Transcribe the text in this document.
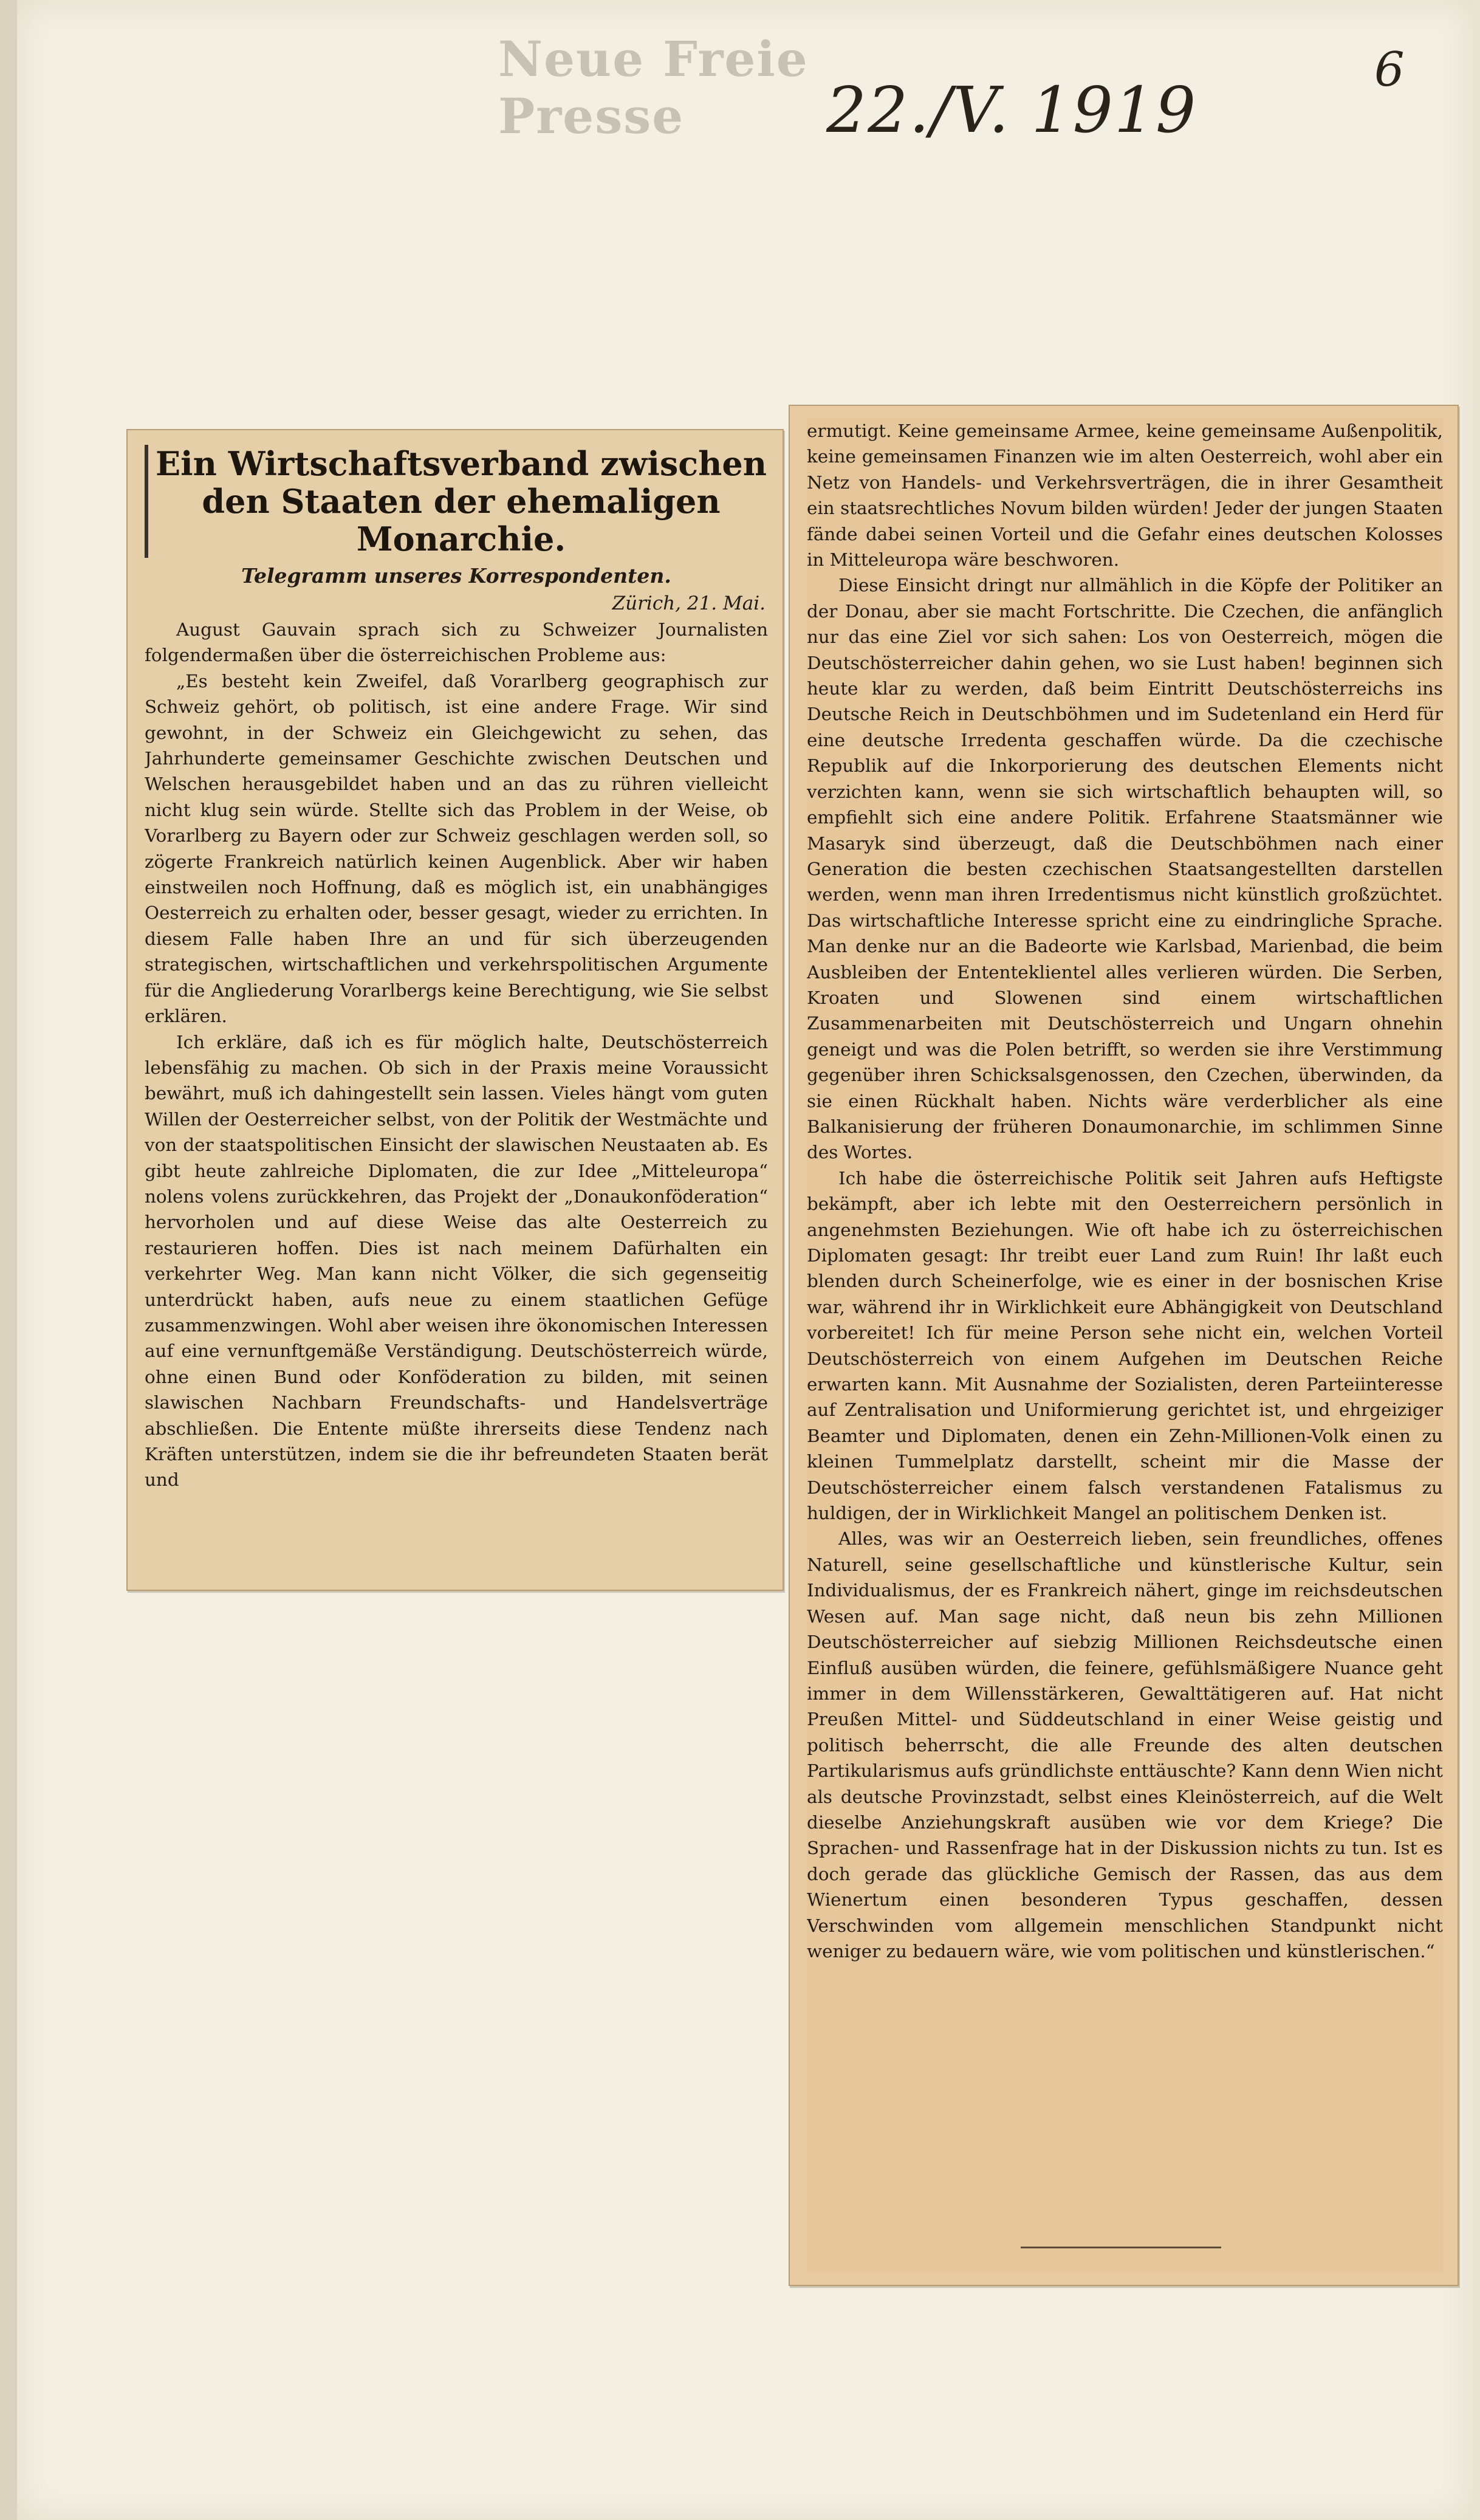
Neue Freie Presse	22./V. 1919
6
Ein Wirtschaftsverband zwischen den Staaten der ehemaligen Monarchie.
Telegramm unseres Korrespondenten.
Zürich, 21. Mai.

August Gauvain sprach sich zu Schweizer Journalisten folgendermaßen über die österreichischen Probleme aus:

„Es besteht kein Zweifel, daß Vorarlberg geographisch zur Schweiz gehört, ob politisch, ist eine andere Frage. Wir sind gewohnt, in der Schweiz ein Gleichgewicht zu sehen, das Jahrhunderte gemeinsamer Geschichte zwischen Deutschen und Welschen herausgebildet haben und an das zu rühren vielleicht nicht klug sein würde. Stellte sich das Problem in der Weise, ob Vorarlberg zu Bayern oder zur Schweiz geschlagen werden soll, so zögerte Frankreich natürlich keinen Augenblick. Aber wir haben einstweilen noch Hoffnung, daß es möglich ist, ein unabhängiges Oesterreich zu erhalten oder, besser gesagt, wieder zu errichten. In diesem Falle haben Ihre an und für sich überzeugenden strategischen, wirtschaftlichen und verkehrspolitischen Argumente für die Angliederung Vorarlbergs keine Berechtigung, wie Sie selbst erklären.

Ich erkläre, daß ich es für möglich halte, Deutschösterreich lebensfähig zu machen. Ob sich in der Praxis meine Voraussicht bewährt, muß ich dahingestellt sein lassen. Vieles hängt vom guten Willen der Oesterreicher selbst, von der Politik der Westmächte und von der staatspolitischen Einsicht der slawischen Neustaaten ab. Es gibt heute zahlreiche Diplomaten, die zur Idee „Mitteleuropa“ nolens volens zurückkehren, das Projekt der „Donaukonföderation“ hervorholen und auf diese Weise das alte Oesterreich zu restaurieren hoffen. Dies ist nach meinem Dafürhalten ein verkehrter Weg. Man kann nicht Völker, die sich gegenseitig unterdrückt haben, aufs neue zu einem staatlichen Gefüge zusammenzwingen. Wohl aber weisen ihre ökonomischen Interessen auf eine vernunftgemäße Verständigung. Deutschösterreich würde, ohne einen Bund oder Konföderation zu bilden, mit seinen slawischen Nachbarn Freundschafts- und Handelsverträge abschließen. Die Entente müßte ihrerseits diese Tendenz nach Kräften unterstützen, indem sie die ihr befreundeten Staaten berät und

ermutigt. Keine gemeinsame Armee, keine gemeinsame Außenpolitik, keine gemeinsamen Finanzen wie im alten Oesterreich, wohl aber ein Netz von Handels- und Verkehrsverträgen, die in ihrer Gesamtheit ein staatsrechtliches Novum bilden würden! Jeder der jungen Staaten fände dabei seinen Vorteil und die Gefahr eines deutschen Kolosses in Mitteleuropa wäre beschworen.

Diese Einsicht dringt nur allmählich in die Köpfe der Politiker an der Donau, aber sie macht Fortschritte. Die Czechen, die anfänglich nur das eine Ziel vor sich sahen: Los von Oesterreich, mögen die Deutschösterreicher dahin gehen, wo sie Lust haben! beginnen sich heute klar zu werden, daß beim Eintritt Deutschösterreichs ins Deutsche Reich in Deutschböhmen und im Sudetenland ein Herd für eine deutsche Irredenta geschaffen würde. Da die czechische Republik auf die Inkorporierung des deutschen Elements nicht verzichten kann, wenn sie sich wirtschaftlich behaupten will, so empfiehlt sich eine andere Politik. Erfahrene Staatsmänner wie Masaryk sind überzeugt, daß die Deutschböhmen nach einer Generation die besten czechischen Staatsangestellten darstellen werden, wenn man ihren Irredentismus nicht künstlich großzüchtet. Das wirtschaftliche Interesse spricht eine zu eindringliche Sprache. Man denke nur an die Badeorte wie Karlsbad, Marienbad, die beim Ausbleiben der Ententeklientel alles verlieren würden. Die Serben, Kroaten und Slowenen sind einem wirtschaftlichen Zusammenarbeiten mit Deutschösterreich und Ungarn ohnehin geneigt und was die Polen betrifft, so werden sie ihre Verstimmung gegenüber ihren Schicksalsgenossen, den Czechen, überwinden, da sie einen Rückhalt haben. Nichts wäre verderblicher als eine Balkanisierung der früheren Donaumonarchie, im schlimmen Sinne des Wortes.

Ich habe die österreichische Politik seit Jahren aufs Heftigste bekämpft, aber ich lebte mit den Oesterreichern persönlich in angenehmsten Beziehungen. Wie oft habe ich zu österreichischen Diplomaten gesagt: Ihr treibt euer Land zum Ruin! Ihr laßt euch blenden durch Scheinerfolge, wie es einer in der bosnischen Krise war, während ihr in Wirklichkeit eure Abhängigkeit von Deutschland vorbereitet! Ich für meine Person sehe nicht ein, welchen Vorteil Deutschösterreich von einem Aufgehen im Deutschen Reiche erwarten kann. Mit Ausnahme der Sozialisten, deren Parteiinteresse auf Zentralisation und Uniformierung gerichtet ist, und ehrgeiziger Beamter und Diplomaten, denen ein Zehn-Millionen-Volk einen zu kleinen Tummelplatz darstellt, scheint mir die Masse der Deutschösterreicher einem falsch verstandenen Fatalismus zu huldigen, der in Wirklichkeit Mangel an politischem Denken ist.

Alles, was wir an Oesterreich lieben, sein freundliches, offenes Naturell, seine gesellschaftliche und künstlerische Kultur, sein Individualismus, der es Frankreich nähert, ginge im reichsdeutschen Wesen auf. Man sage nicht, daß neun bis zehn Millionen Deutschösterreicher auf siebzig Millionen Reichsdeutsche einen Einfluß ausüben würden, die feinere, gefühlsmäßigere Nuance geht immer in dem Willensstärkeren, Gewalttätigeren auf. Hat nicht Preußen Mittel- und Süddeutschland in einer Weise geistig und politisch beherrscht, die alle Freunde des alten deutschen Partikularismus aufs gründlichste enttäuschte? Kann denn Wien nicht als deutsche Provinzstadt, selbst eines Kleinösterreich, auf die Welt dieselbe Anziehungskraft ausüben wie vor dem Kriege? Die Sprachen- und Rassenfrage hat in der Diskussion nichts zu tun. Ist es doch gerade das glückliche Gemisch der Rassen, das aus dem Wienertum einen besonderen Typus geschaffen, dessen Verschwinden vom allgemein menschlichen Standpunkt nicht weniger zu bedauern wäre, wie vom politischen und künstlerischen.“
